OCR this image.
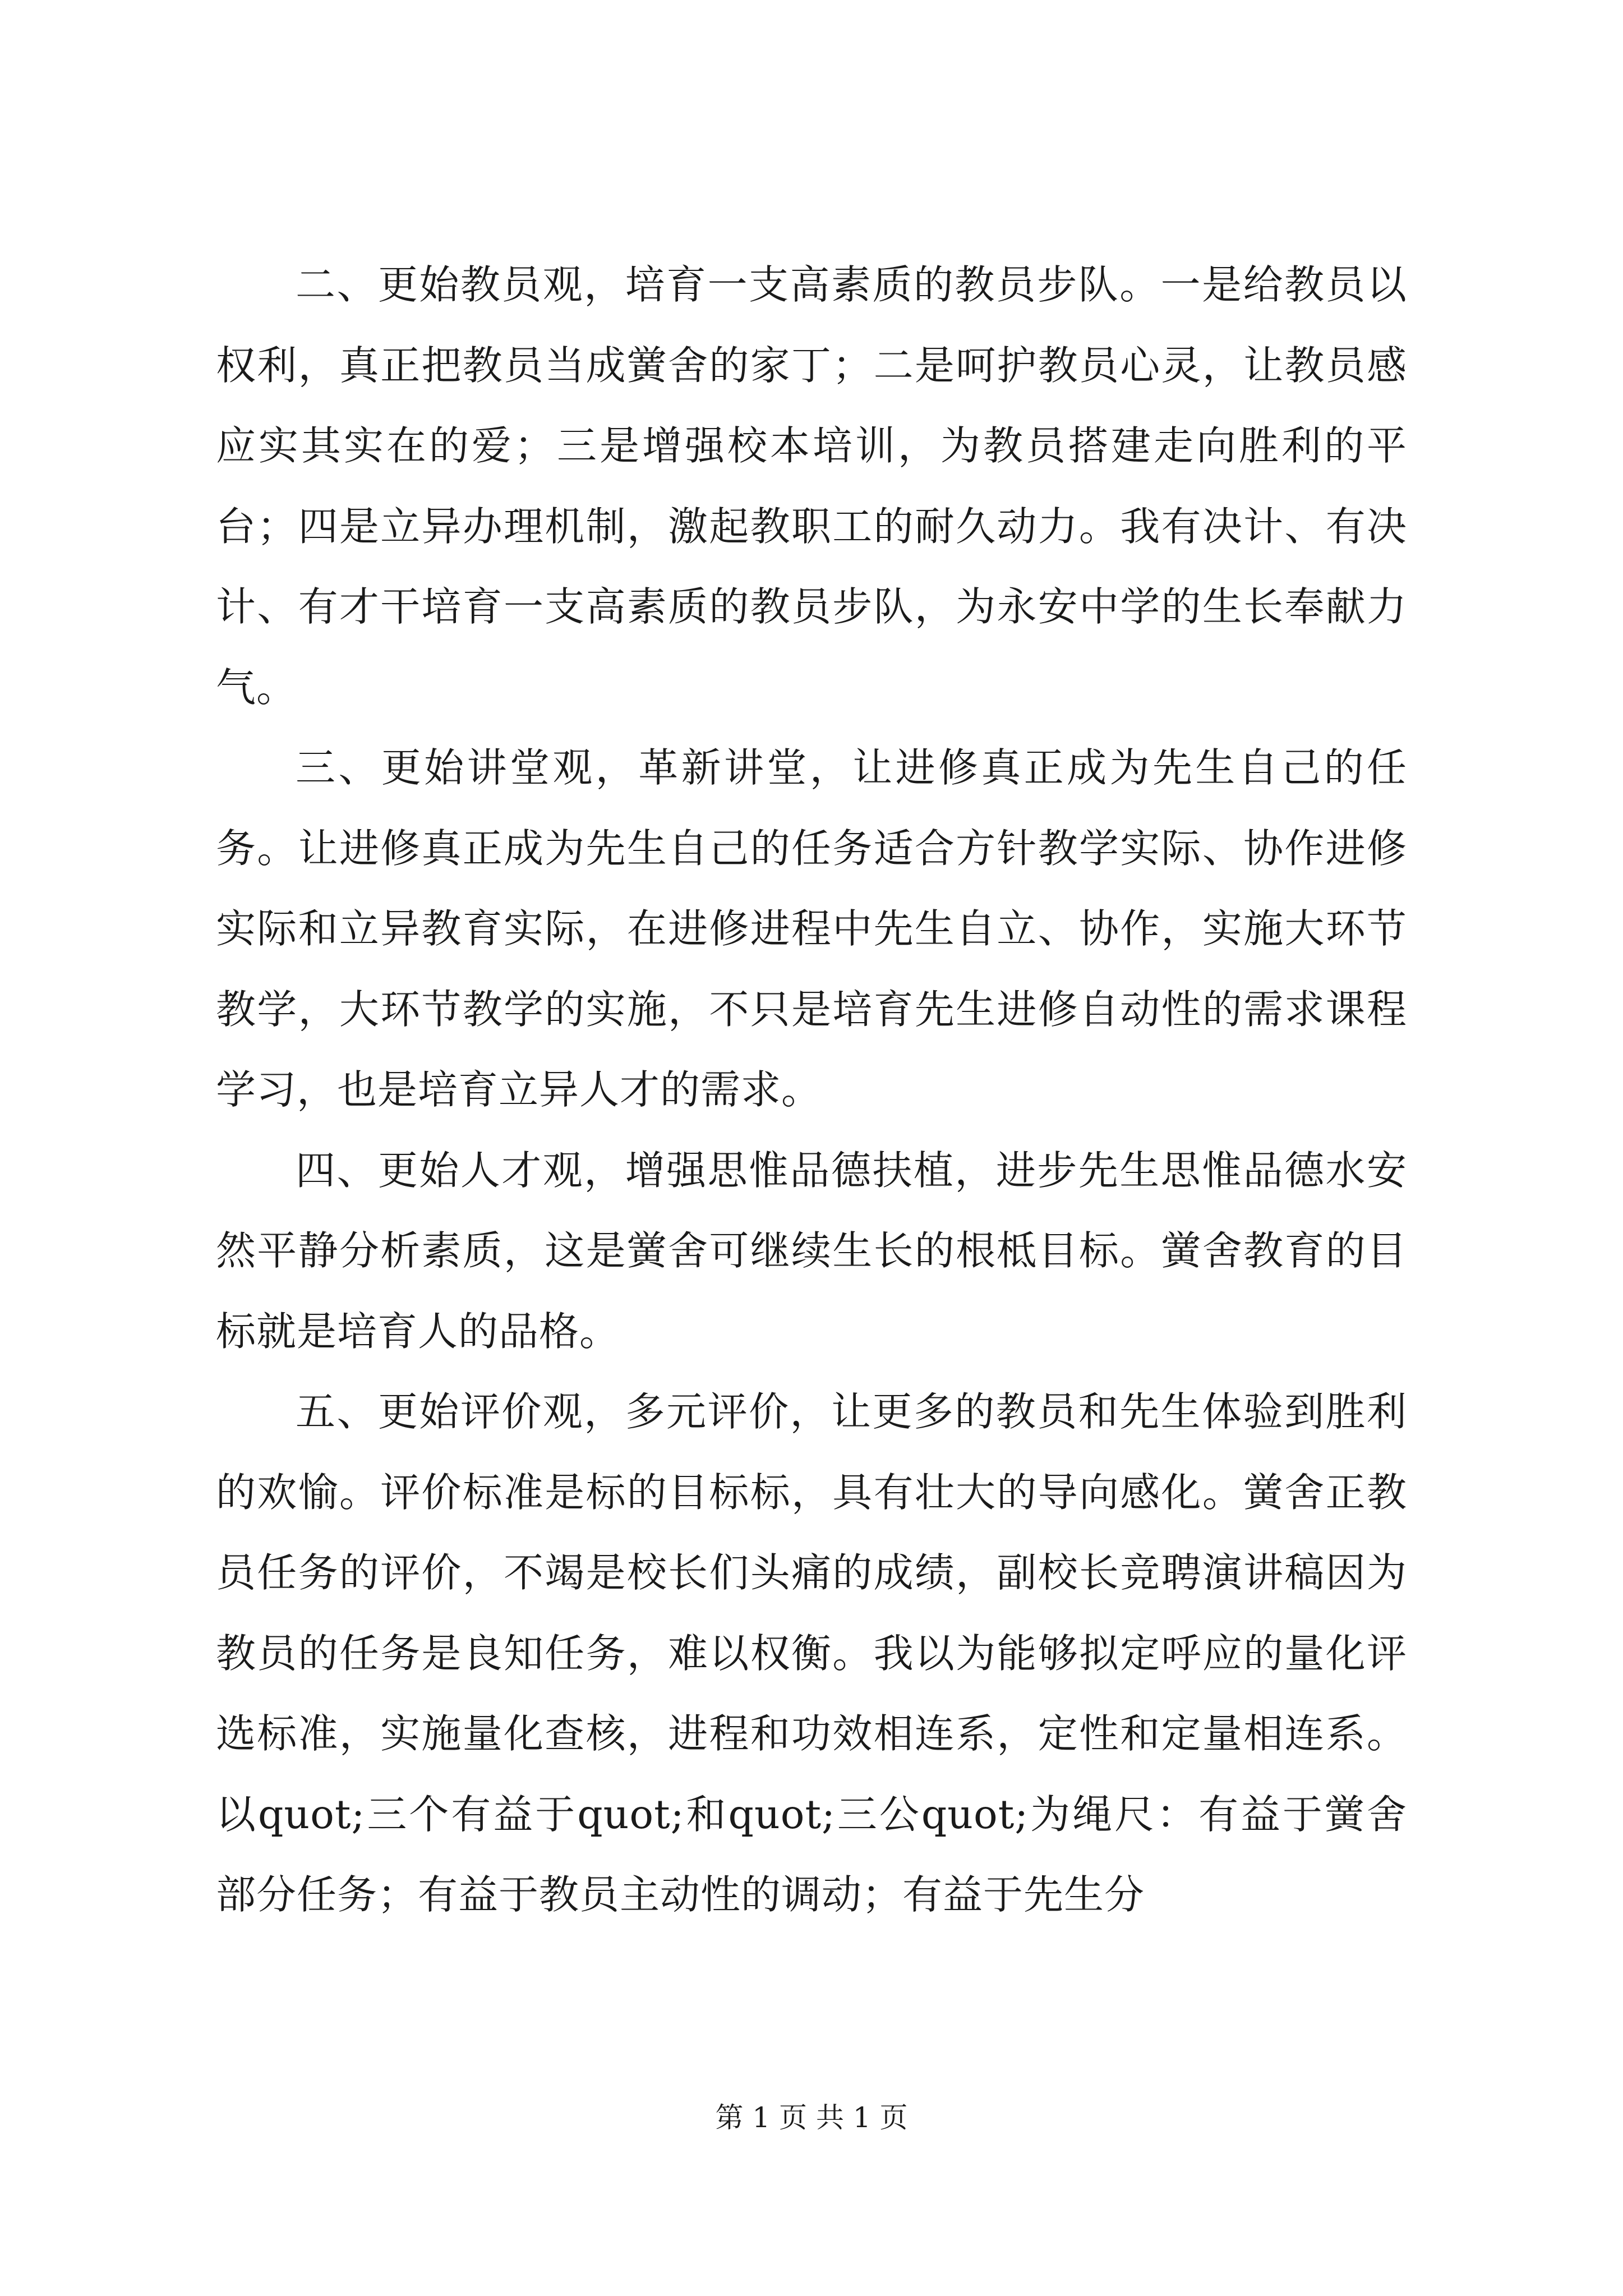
二、更始教员观，培育一支高素质的教员步队。一是给教员以权利，真正把教员当成黉舍的家丁；二是呵护教员心灵，让教员感应实其实在的爱；三是增强校本培训，为教员搭建走向胜利的平台；四是立异办理机制，激起教职工的耐久动力。我有决计、有决计、有才干培育一支高素质的教员步队，为永安中学的生长奉献力气。

三、更始讲堂观，革新讲堂，让进修真正成为先生自己的任务。让进修真正成为先生自己的任务适合方针教学实际、协作进修实际和立异教育实际，在进修进程中先生自立、协作，实施大环节教学，大环节教学的实施，不只是培育先生进修自动性的需求课程学习，也是培育立异人才的需求。

四、更始人才观，增强思惟品德扶植，进步先生思惟品德水安然平静分析素质，这是黉舍可继续生长的根柢目标。黉舍教育的目标就是培育人的品格。

五、更始评价观，多元评价，让更多的教员和先生体验到胜利的欢愉。评价标准是标的目标标，具有壮大的导向感化。黉舍正教员任务的评价，不竭是校长们头痛的成绩，副校长竞聘演讲稿因为教员的任务是良知任务，难以权衡。我以为能够拟定呼应的量化评选标准，实施量化查核，进程和功效相连系，定性和定量相连系。以quot;三个有益于quot;和quot;三公quot;为绳尺：有益于黉舍部分任务；有益于教员主动性的调动；有益于先生分

第 1 页 共 1 页
